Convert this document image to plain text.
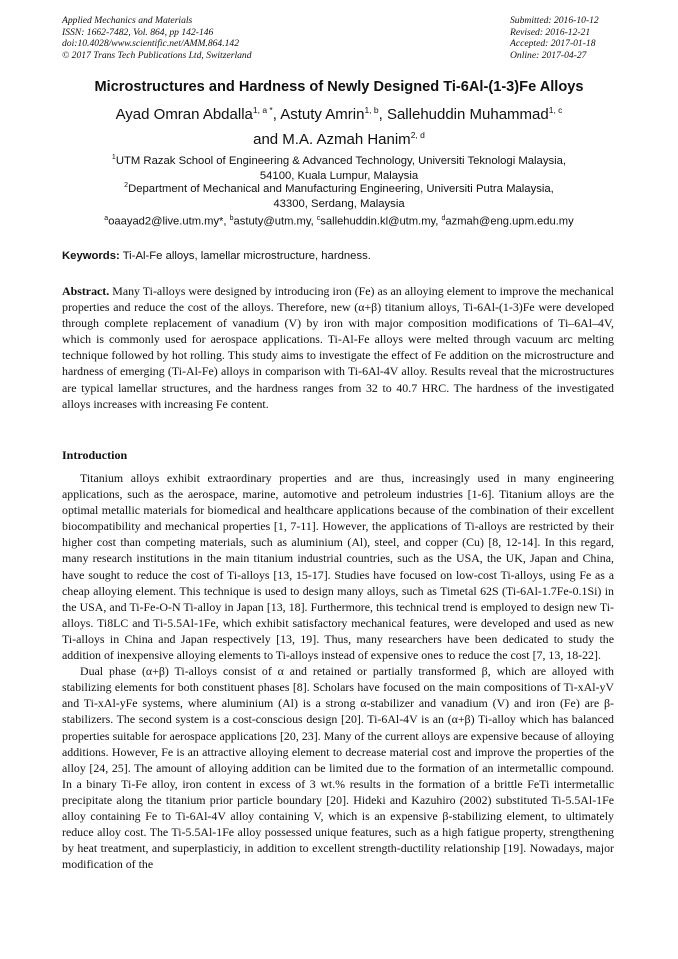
Applied Mechanics and Materials
ISSN: 1662-7482, Vol. 864, pp 142-146
doi:10.4028/www.scientific.net/AMM.864.142
© 2017 Trans Tech Publications Ltd, Switzerland
Submitted: 2016-10-12
Revised: 2016-12-21
Accepted: 2017-01-18
Online: 2017-04-27
Microstructures and Hardness of Newly Designed Ti-6Al-(1-3)Fe Alloys
Ayad Omran Abdalla$^{1, a *}$, Astuty Amrin$^{1, b}$, Sallehuddin Muhammad$^{1, c}$
and M.A. Azmah Hanim$^{2, d}$
$^1$UTM Razak School of Engineering & Advanced Technology, Universiti Teknologi Malaysia,
54100, Kuala Lumpur, Malaysia
$^2$Department of Mechanical and Manufacturing Engineering, Universiti Putra Malaysia,
43300, Serdang, Malaysia
$^a$oaayad2@live.utm.my*, $^b$astuty@utm.my, $^c$sallehuddin.kl@utm.my, $^d$azmah@eng.upm.edu.my
Keywords: Ti-Al-Fe alloys, lamellar microstructure, hardness.

Abstract. Many Ti-alloys were designed by introducing iron (Fe) as an alloying element to improve the mechanical properties and reduce the cost of the alloys. Therefore, new (α+β) titanium alloys, Ti-6Al-(1-3)Fe were developed through complete replacement of vanadium (V) by iron with major composition modifications of Ti–6Al–4V, which is commonly used for aerospace applications. Ti-Al-Fe alloys were melted through vacuum arc melting technique followed by hot rolling. This study aims to investigate the effect of Fe addition on the microstructure and hardness of emerging (Ti-Al-Fe) alloys in comparison with Ti-6Al-4V alloy. Results reveal that the microstructures are typical lamellar structures, and the hardness ranges from 32 to 40.7 HRC. The hardness of the investigated alloys increases with increasing Fe content.

Introduction

Titanium alloys exhibit extraordinary properties and are thus, increasingly used in many engineering applications, such as the aerospace, marine, automotive and petroleum industries [1-6]. Titanium alloys are the optimal metallic materials for biomedical and healthcare applications because of the combination of their excellent biocompatibility and mechanical properties [1, 7-11]. However, the applications of Ti-alloys are restricted by their higher cost than competing materials, such as aluminium (Al), steel, and copper (Cu) [8, 12-14]. In this regard, many research institutions in the main titanium industrial countries, such as the USA, the UK, Japan and China, have sought to reduce the cost of Ti-alloys [13, 15-17]. Studies have focused on low-cost Ti-alloys, using Fe as a cheap alloying element. This technique is used to design many alloys, such as Timetal 62S (Ti-6Al-1.7Fe-0.1Si) in the USA, and Ti-Fe-O-N Ti-alloy in Japan [13, 18]. Furthermore, this technical trend is employed to design new Ti-alloys. Ti8LC and Ti-5.5Al-1Fe, which exhibit satisfactory mechanical features, were developed and used as new Ti-alloys in China and Japan respectively [13, 19]. Thus, many researchers have been dedicated to study the addition of inexpensive alloying elements to Ti-alloys instead of expensive ones to reduce the cost [7, 13, 18-22].

Dual phase (α+β) Ti-alloys consist of α and retained or partially transformed β, which are alloyed with stabilizing elements for both constituent phases [8]. Scholars have focused on the main compositions of Ti-xAl-yV and Ti-xAl-yFe systems, where aluminium (Al) is a strong α-stabilizer and vanadium (V) and iron (Fe) are β-stabilizers. The second system is a cost-conscious design [20]. Ti-6Al-4V is an (α+β) Ti-alloy which has balanced properties suitable for aerospace applications [20, 23]. Many of the current alloys are expensive because of alloying additions. However, Fe is an attractive alloying element to decrease material cost and improve the properties of the alloy [24, 25]. The amount of alloying addition can be limited due to the formation of an intermetallic compound. In a binary Ti-Fe alloy, iron content in excess of 3 wt.% results in the formation of a brittle FeTi intermetallic precipitate along the titanium prior particle boundary [20]. Hideki and Kazuhiro (2002) substituted Ti-5.5Al-1Fe alloy containing Fe to Ti-6Al-4V alloy containing V, which is an expensive β-stabilizing element, to ultimately reduce alloy cost. The Ti-5.5Al-1Fe alloy possessed unique features, such as a high fatigue property, strengthening by heat treatment, and superplasticiy, in addition to excellent strength-ductility relationship [19]. Nowadays, major modification of the
